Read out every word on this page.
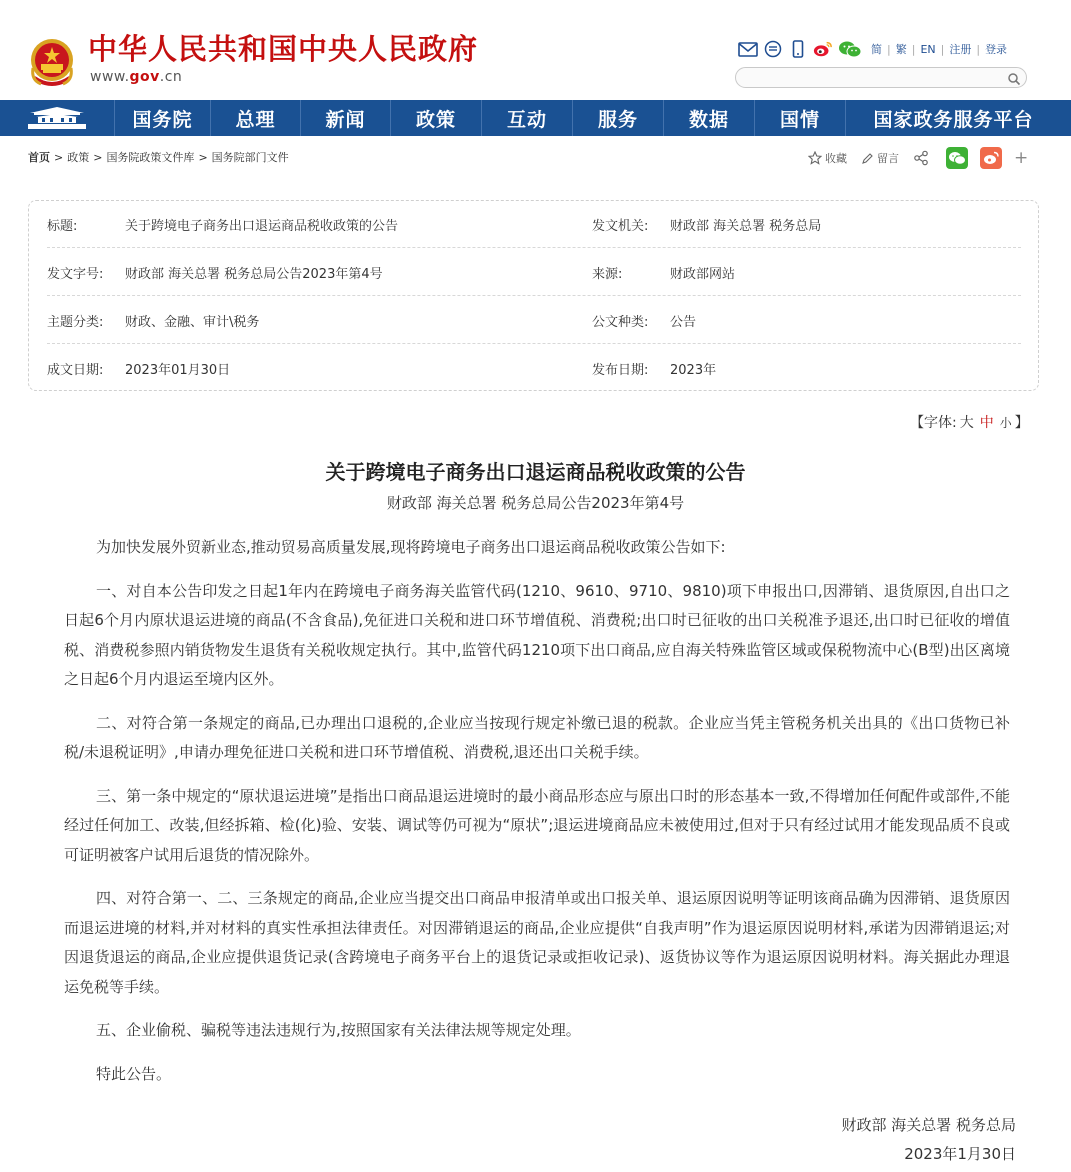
中华人民共和国中央人民政府
www.gov.cn
简 | 繁 | EN | 注册 | 登录
国务院	总理	新闻	政策	互动	服务	数据	国情	国家政务服务平台
首页 > 政策 > 国务院政策文件库 > 国务院部门文件	收藏	留言	+
标题:	关于跨境电子商务出口退运商品税收政策的公告	发文机关:	财政部 海关总署 税务总局
发文字号:	财政部 海关总署 税务总局公告2023年第4号	来源:	财政部网站
主题分类:	财政、金融、审计\税务	公文种类:	公告
成文日期:	2023年01月30日	发布日期:	2023年
【字体: 大 中 小 】
关于跨境电子商务出口退运商品税收政策的公告
财政部 海关总署 税务总局公告2023年第4号

为加快发展外贸新业态,推动贸易高质量发展,现将跨境电子商务出口退运商品税收政策公告如下:

一、对自本公告印发之日起1年内在跨境电子商务海关监管代码(1210、9610、9710、9810)项下申报出口,因滞销、退货原因,自出口之日起6个月内原状退运进境的商品(不含食品),免征进口关税和进口环节增值税、消费税;出口时已征收的出口关税准予退还,出口时已征收的增值税、消费税参照内销货物发生退货有关税收规定执行。其中,监管代码1210项下出口商品,应自海关特殊监管区域或保税物流中心(B型)出区离境之日起6个月内退运至境内区外。

二、对符合第一条规定的商品,已办理出口退税的,企业应当按现行规定补缴已退的税款。企业应当凭主管税务机关出具的《出口货物已补税/未退税证明》,申请办理免征进口关税和进口环节增值税、消费税,退还出口关税手续。

三、第一条中规定的“原状退运进境”是指出口商品退运进境时的最小商品形态应与原出口时的形态基本一致,不得增加任何配件或部件,不能经过任何加工、改装,但经拆箱、检(化)验、安装、调试等仍可视为“原状”;退运进境商品应未被使用过,但对于只有经过试用才能发现品质不良或可证明被客户试用后退货的情况除外。

四、对符合第一、二、三条规定的商品,企业应当提交出口商品申报清单或出口报关单、退运原因说明等证明该商品确为因滞销、退货原因而退运进境的材料,并对材料的真实性承担法律责任。对因滞销退运的商品,企业应提供“自我声明”作为退运原因说明材料,承诺为因滞销退运;对因退货退运的商品,企业应提供退货记录(含跨境电子商务平台上的退货记录或拒收记录)、返货协议等作为退运原因说明材料。海关据此办理退运免税等手续。

五、企业偷税、骗税等违法违规行为,按照国家有关法律法规等规定处理。

特此公告。

财政部 海关总署 税务总局
2023年1月30日
